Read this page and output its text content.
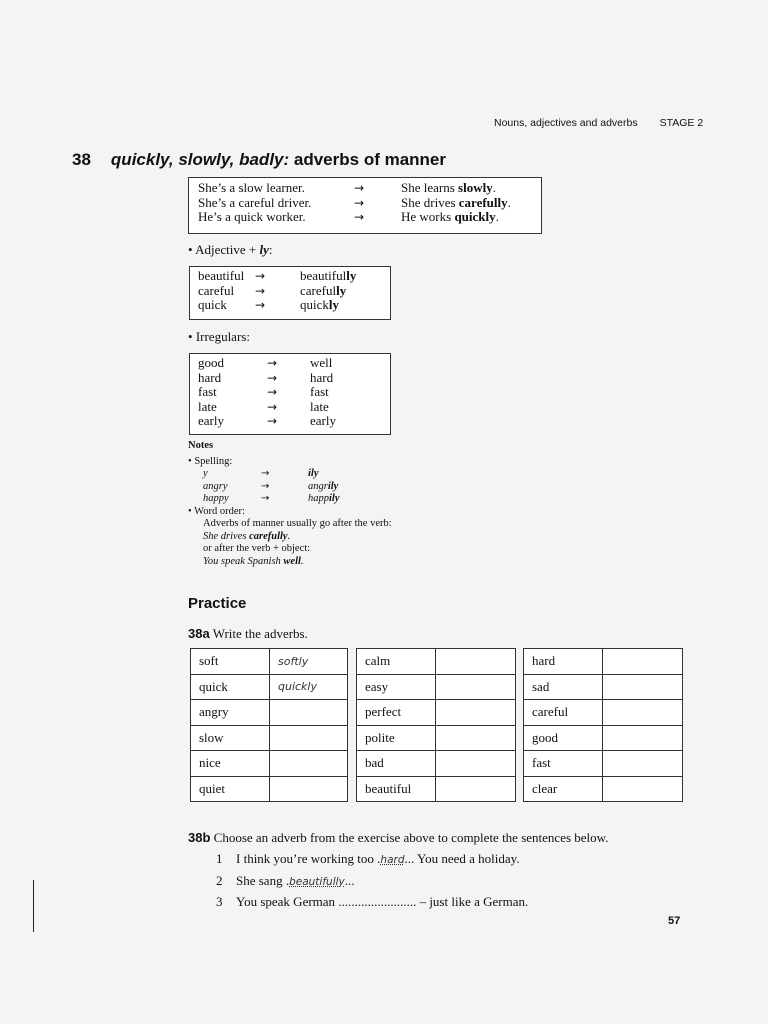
Nouns, adjectives and adverbs STAGE 2
38 quickly, slowly, badly: adverbs of manner
She’s a slow learner.	→	She learns slowly.
She’s a careful driver.	→	She drives carefully.
He’s a quick worker.	→	He works quickly.
• Adjective + ly:
beautiful →	beautifully
careful	→	carefully
quick	→	quickly
• Irregulars:
good	→	well
hard	→	hard
fast	→	fast
late	→	late
early	→	early
Notes
• Spelling:
y	→	ily
angry	→	angrily
happy	→	happily
• Word order:
Adverbs of manner usually go after the verb:
She drives carefully.
or after the verb + object:
You speak Spanish well.
Practice
38a Write the adverbs.
soft	softly
quick	quickly
angry	
slow	
nice	
quiet	
calm	
easy	
perfect	
polite	
bad	
beautiful	
hard	
sad	
careful	
good	
fast	
clear	
38b Choose an adverb from the exercise above to complete the sentences below.
1 I think you’re working too .hard... You need a holiday.
2 She sang .beautifully...
3 You speak German ........................ – just like a German.
57
